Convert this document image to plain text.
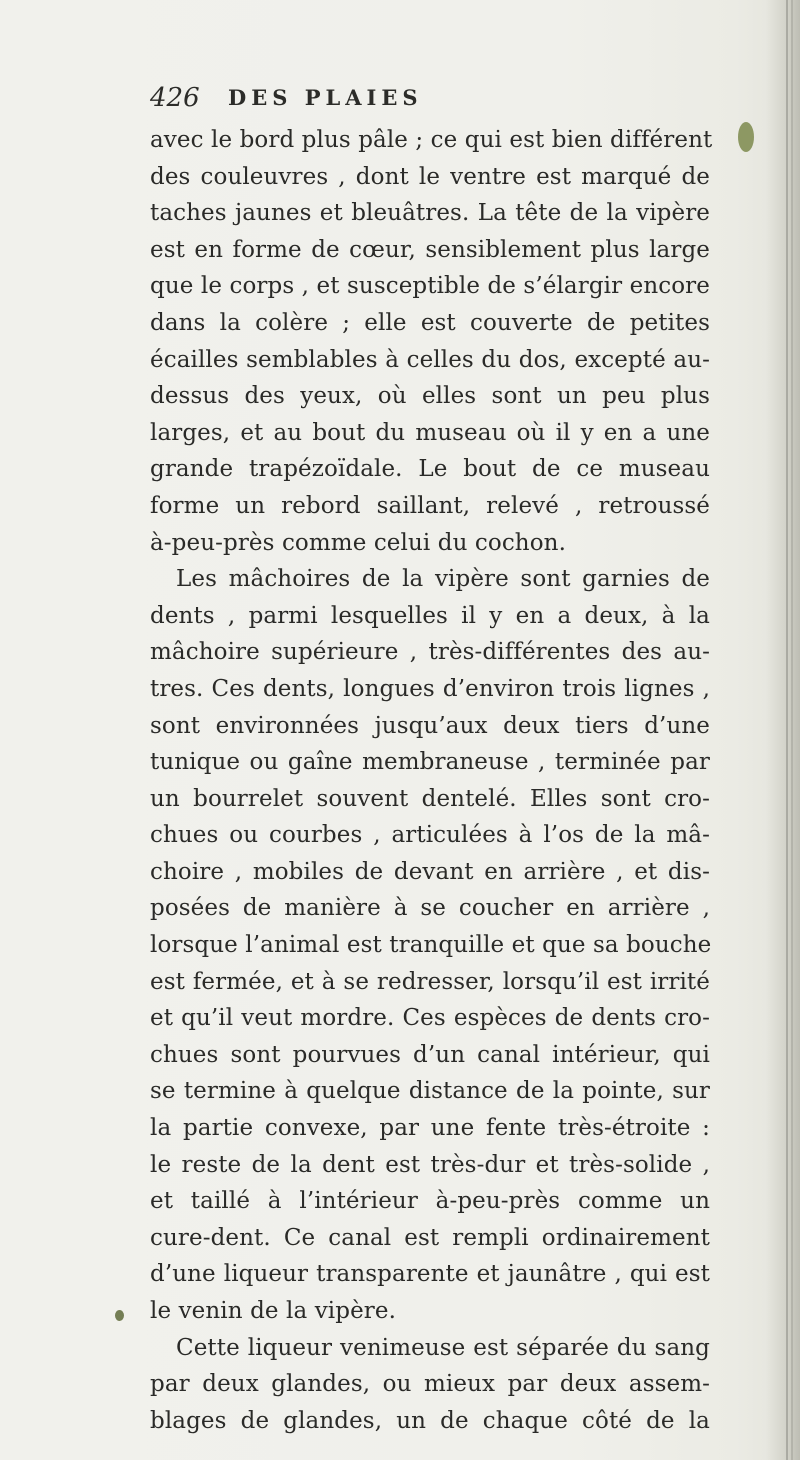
426 DES PLAIES
avec le bord plus pâle ; ce qui est bien différent
des couleuvres , dont le ventre est marqué de
taches jaunes et bleuâtres. La tête de la vipère
est en forme de cœur, sensiblement plus large
que le corps , et susceptible de s’élargir encore
dans la colère ; elle est couverte de petites
écailles semblables à celles du dos, excepté au-
dessus des yeux, où elles sont un peu plus
larges, et au bout du museau où il y en a une
grande trapézoïdale. Le bout de ce museau
forme un rebord saillant, relevé , retroussé
à-peu-près comme celui du cochon.
Les mâchoires de la vipère sont garnies de
dents , parmi lesquelles il y en a deux, à la
mâchoire supérieure , très-différentes des au-
tres. Ces dents, longues d’environ trois lignes ,
sont environnées jusqu’aux deux tiers d’une
tunique ou gaîne membraneuse , terminée par
un bourrelet souvent dentelé. Elles sont cro-
chues ou courbes , articulées à l’os de la mâ-
choire , mobiles de devant en arrière , et dis-
posées de manière à se coucher en arrière ,
lorsque l’animal est tranquille et que sa bouche
est fermée, et à se redresser, lorsqu’il est irrité
et qu’il veut mordre. Ces espèces de dents cro-
chues sont pourvues d’un canal intérieur, qui
se termine à quelque distance de la pointe, sur
la partie convexe, par une fente très-étroite :
le reste de la dent est très-dur et très-solide ,
et taillé à l’intérieur à-peu-près comme un
cure-dent. Ce canal est rempli ordinairement
d’une liqueur transparente et jaunâtre , qui est
le venin de la vipère.
Cette liqueur venimeuse est séparée du sang
par deux glandes, ou mieux par deux assem-
blages de glandes, un de chaque côté de la
